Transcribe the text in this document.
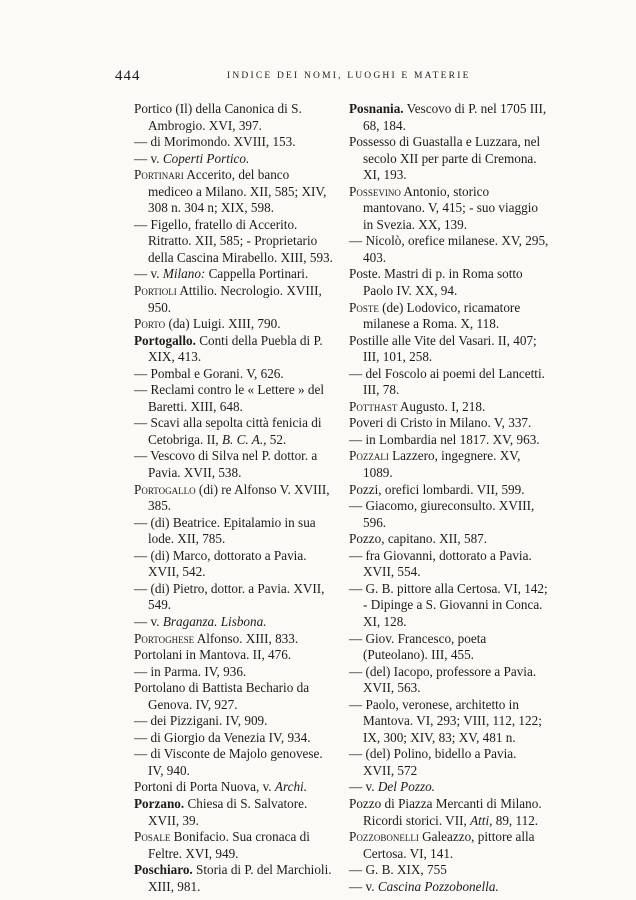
444	INDICE DEI NOMI, LUOGHI E MATERIE

Portico (Il) della Canonica di S. Ambrogio. XVI, 397.

— di Morimondo. XVIII, 153.

— v. Coperti Portico.

Portinari Accerito, del banco mediceo a Milano. XII, 585; XIV, 308 n. 304 n; XIX, 598.

— Figello, fratello di Accerito. Ritratto. XII, 585; - Proprietario della Cascina Mirabello. XIII, 593.

— v. Milano: Cappella Portinari.

Portioli Attilio. Necrologio. XVIII, 950.

Porto (da) Luigi. XIII, 790.

Portogallo. Conti della Puebla di P. XIX, 413.

— Pombal e Gorani. V, 626.

— Reclami contro le « Lettere » del Baretti. XIII, 648.

— Scavi alla sepolta città fenicia di Cetobriga. II, B. C. A., 52.

— Vescovo di Silva nel P. dottor. a Pavia. XVII, 538.

Portogallo (di) re Alfonso V. XVIII, 385.

— (di) Beatrice. Epitalamio in sua lode. XII, 785.

— (di) Marco, dottorato a Pavia. XVII, 542.

— (di) Pietro, dottor. a Pavia. XVII, 549.

— v. Braganza. Lisbona.

Portoghese Alfonso. XIII, 833.

Portolani in Mantova. II, 476.

— in Parma. IV, 936.

Portolano di Battista Bechario da Genova. IV, 927.

— dei Pizzigani. IV, 909.

— di Giorgio da Venezia IV, 934.

— di Visconte de Majolo genovese. IV, 940.

Portoni di Porta Nuova, v. Archi.

Porzano. Chiesa di S. Salvatore. XVII, 39.

Posale Bonifacio. Sua cronaca di Feltre. XVI, 949.

Poschiaro. Storia di P. del Marchioli. XIII, 981.

Posnania. Vescovo di P. nel 1705 III, 68, 184.

Possesso di Guastalla e Luzzara, nel secolo XII per parte di Cremona. XI, 193.

Possevino Antonio, storico mantovano. V, 415; - suo viaggio in Svezia. XX, 139.

— Nicolò, orefice milanese. XV, 295, 403.

Poste. Mastri di p. in Roma sotto Paolo IV. XX, 94.

Poste (de) Lodovico, ricamatore milanese a Roma. X, 118.

Postille alle Vite del Vasari. II, 407; III, 101, 258.

— del Foscolo ai poemi del Lancetti. III, 78.

Potthast Augusto. I, 218.

Poveri di Cristo in Milano. V, 337.

— in Lombardia nel 1817. XV, 963.

Pozzali Lazzero, ingegnere. XV, 1089.

Pozzi, orefici lombardi. VII, 599.

— Giacomo, giureconsulto. XVIII, 596.

Pozzo, capitano. XII, 587.

— fra Giovanni, dottorato a Pavia. XVII, 554.

— G. B. pittore alla Certosa. VI, 142; - Dipinge a S. Giovanni in Conca. XI, 128.

— Giov. Francesco, poeta (Puteolano). III, 455.

— (del) Iacopo, professore a Pavia. XVII, 563.

— Paolo, veronese, architetto in Mantova. VI, 293; VIII, 112, 122; IX, 300; XIV, 83; XV, 481 n.

— (del) Polino, bidello a Pavia. XVII, 572

— v. Del Pozzo.

Pozzo di Piazza Mercanti di Milano. Ricordi storici. VII, Atti, 89, 112.

Pozzobonelli Galeazzo, pittore alla Certosa. VI, 141.

— G. B. XIX, 755

— v. Cascina Pozzobonella.
